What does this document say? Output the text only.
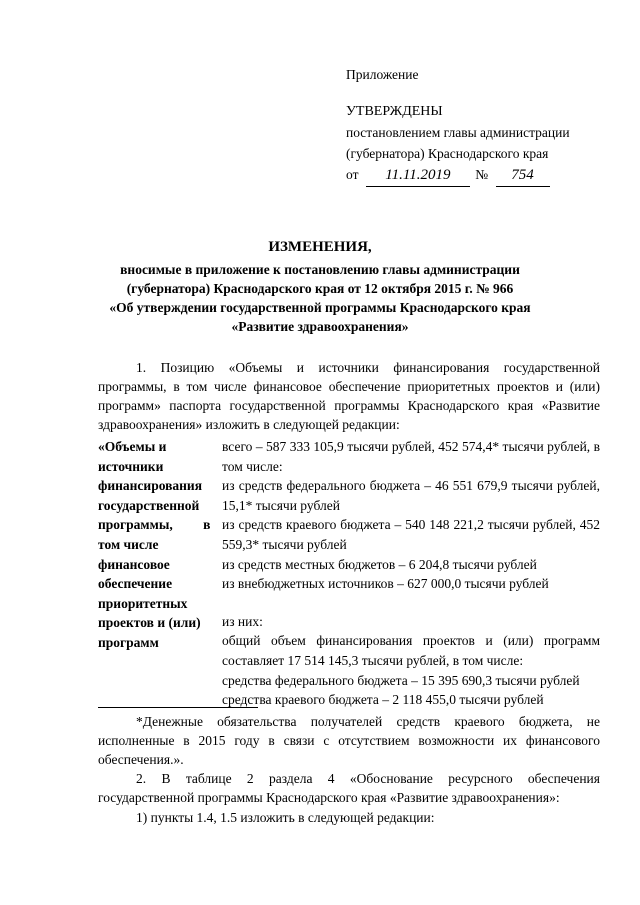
Приложение
УТВЕРЖДЕНЫ
постановлением главы администрации
(губернатора) Краснодарского края
от 11.11.2019 № 754
ИЗМЕНЕНИЯ,
вносимые в приложение к постановлению главы администрации
(губернатора) Краснодарского края от 12 октября 2015 г. № 966
«Об утверждении государственной программы Краснодарского края
«Развитие здравоохранения»
1. Позицию «Объемы и источники финансирования государственной программы, в том числе финансовое обеспечение приоритетных проектов и (или) программ» паспорта государственной программы Краснодарского края «Развитие здравоохранения» изложить в следующей редакции:
«Объемы и
источники
финансирования
государственной
программы,         в
том числе
финансовое
обеспечение
приоритетных
проектов и (или)
программ
всего – 587 333 105,9 тысячи рублей, 452 574,4* тысячи рублей, в том числе:
из средств федерального бюджета – 46 551 679,9 тысячи рублей, 15,1* тысячи рублей
из средств краевого бюджета – 540 148 221,2 тысячи рублей, 452 559,3* тысячи рублей
из средств местных бюджетов – 6 204,8 тысячи рублей
из внебюджетных источников – 627 000,0 тысячи рублей
из них:
общий объем финансирования проектов и (или) программ составляет 17 514 145,3 тысячи рублей, в том числе:
средства федерального бюджета – 15 395 690,3 тысячи рублей
средства краевого бюджета – 2 118 455,0 тысячи рублей
*Денежные обязательства получателей средств краевого бюджета, не исполненные в 2015 году в связи с отсутствием возможности их финансового обеспечения.».
2. В таблице 2 раздела 4 «Обоснование ресурсного обеспечения государственной программы Краснодарского края «Развитие здравоохранения»:
1) пункты 1.4, 1.5 изложить в следующей редакции:
